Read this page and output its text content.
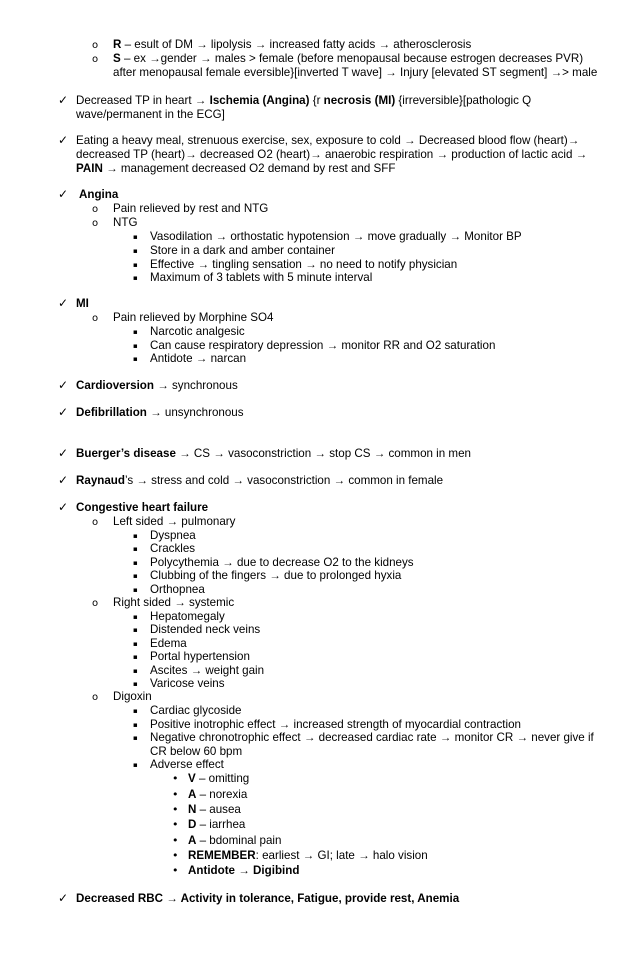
o R – esult of DM → lipolysis → increased fatty acids → atherosclerosis
o S – ex →gender → males > female (before menopausal because estrogen decreases PVR)
after menopausal female eversible}[inverted T wave] → Injury [elevated ST segment] →> male
✓ Decreased TP in heart → Ischemia (Angina) {r necrosis (MI) {irreversible}[pathologic Q
wave/permanent in the ECG]
✓ Eating a heavy meal, strenuous exercise, sex, exposure to cold → Decreased blood flow (heart)→
decreased TP (heart)→ decreased O2 (heart)→ anaerobic respiration → production of lactic acid →
PAIN → management decreased O2 demand by rest and SFF
✓ Angina
o Pain relieved by rest and NTG
o NTG
▪ Vasodilation → orthostatic hypotension → move gradually → Monitor BP
▪ Store in a dark and amber container
▪ Effective → tingling sensation → no need to notify physician
▪ Maximum of 3 tablets with 5 minute interval
✓ MI
o Pain relieved by Morphine SO4
▪ Narcotic analgesic
▪ Can cause respiratory depression → monitor RR and O2 saturation
▪ Antidote → narcan
✓ Cardioversion → synchronous
✓ Defibrillation → unsynchronous
✓ Buerger’s disease → CS → vasoconstriction → stop CS → common in men
✓ Raynaud’s → stress and cold → vasoconstriction → common in female
✓ Congestive heart failure
o Left sided → pulmonary
▪ Dyspnea
▪ Crackles
▪ Polycythemia → due to decrease O2 to the kidneys
▪ Clubbing of the fingers → due to prolonged hyxia
▪ Orthopnea
o Right sided → systemic
▪ Hepatomegaly
▪ Distended neck veins
▪ Edema
▪ Portal hypertension
▪ Ascites → weight gain
▪ Varicose veins
o Digoxin
▪ Cardiac glycoside
▪ Positive inotrophic effect → increased strength of myocardial contraction
▪ Negative chronotrophic effect → decreased cardiac rate → monitor CR → never give if
CR below 60 bpm
▪ Adverse effect
• V – omitting
• A – norexia
• N – ausea
• D – iarrhea
• A – bdominal pain
• REMEMBER: earliest → GI; late → halo vision
• Antidote → Digibind
✓ Decreased RBC → Activity in tolerance, Fatigue, provide rest, Anemia
